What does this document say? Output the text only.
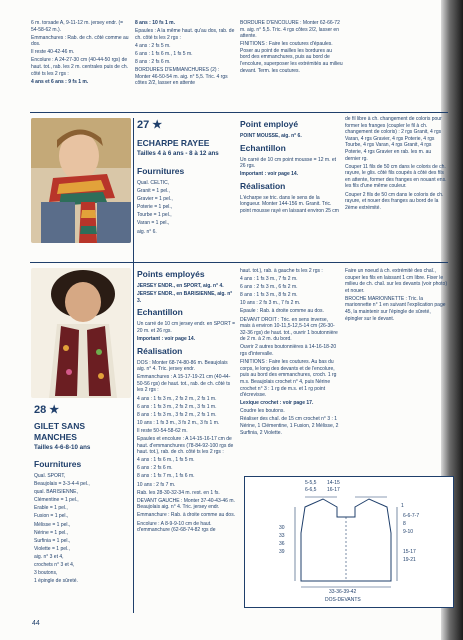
6 m. torsade A, 9-11-12 m. jersey endr. (= 54-58-62 m.).

Emmanchures : Rab. de ch. côté comme au dos.

Il reste 40-42-46 m.

Encolure : A 24-27-30 cm (40-44-50 rgs) de haut. tot., rab. les 2 m. centrales puis de ch. côté ts les 2 rgs :

4 ans et 6 ans : 9 fs 1 m.

8 ans : 10 fs 1 m.

Epaules : A la même haut. qu'au dos, rab. de ch. côté ts les 2 rgs :

4 ans : 2 fs 5 m.

6 ans : 1 fs 6 m., 1 fs 5 m.

8 ans : 2 fs 6 m.

BORDURES D'EMMANCHURES (2) : Monter 46-50-54 m. aig. n° 5,5. Tric. 4 rgs côtes 2/2, lasser en attente

BORDURE D'ENCOLURE : Monter 62-66-72 m. aig. n° 5,5. Tric. 4 rgs côtes 2/2, lasser en attente.

FINITIONS : Faire les coutures d'épaules. Poser au point de mailles les bordures au bord des emmanchures, puis au bord de l'encolure, superposer les extrémités au milieu devant. Term. les coutures.

27 ★
ECHARPE RAYEE
Tailles 4 à 6 ans - 8 à 12 ans
Fournitures

Qual. CELTIC,

Granit = 1 pel.,

Gravier = 1 pel.,

Poterie = 1 pel.,

Tourbe = 1 pel.,

Varan = 1 pel.,

aig. n° 6.

Point employé

POINT MOUSSE, aig. n° 6.

Echantillon

Un carré de 10 cm point mousse = 12 m. et 26 rgs.

Important : voir page 14.

Réalisation

L'écharpe se tric. dans le sens de la longueur. Monter 144-156 m. Granit. Tric. point mousse rayé en laissant environ 25 cm

de fil libre à ch. changement de coloris pour former les franges (coupler le fil à ch. changement de coloris) : 2 rgs Granit, 4 rgs Varan, 4 rgs Gravier, 4 rgs Poterie, 4 rgs Tourbe, 4 rgs Varan, 4 rgs Granit, 4 rgs Poterie, 4 rgs Gravier en rab. les m. au dernier rg.

Couper 11 fils de 50 cm dans le coloris de ch. rayure, le glis. côté fils coupés à côté des fils en attente, former des franges en nouant ens. les fils d'une même couleur.

Couper 2 fils de 50 cm dans le coloris de ch. rayure, et nouer des franges au bord de la 2ème extrémité.

28 ★
GILET SANS
MANCHES
Tailles 4-6-8-10 ans
Fournitures

Qual. SPORT,

Beaujolais = 3-3-4-4 pel.,

qual. BARISIENNE,

Clémentine = 1 pel.,

Erable = 1 pel.,

Fusion = 1 pel.,

Mélisse = 1 pel.,

Nérine = 1 pel.,

Surfinia = 1 pel.,

Violette = 1 pel.,

aig. n° 3 et 4,

crochets n° 3 et 4,

3 boutons,

1 épingle de sûreté.

Points employés

JERSEY ENDR., en SPORT, aig. n° 4.

JERSEY ENDR., en BARISIENNE, aig. n° 3.

Echantillon

Un carré de 10 cm jersey endr. en SPORT = 20 m. et 26 rgs.

Important : voir page 14.

Réalisation

DOS : Monter 68-74-80-86 m. Beaujolais aig. n° 4. Tric. jersey endr.

Emmanchures : A 15-17-19-21 cm (40-44-50-56 rgs) de haut. tot., rab. de ch. côté ts les 2 rgs :

4 ans : 1 fs 3 m., 2 fs 2 m., 2 fs 1 m.

6 ans : 1 fs 3 m., 2 fs 2 m., 3 fs 1 m.

8 ans : 1 fs 3 m., 3 fs 2 m., 2 fs 1 m.

10 ans : 1 fs 3 m., 3 fs 2 m., 3 fs 1 m.

Il reste 50-54-58-62 m.

Epaules et encolure : A 14-15-16-17 cm de haut. d'emmanchures (78-84-92-100 rgs de haut. tot.), rab. de ch. côté ts les 2 rgs :

4 ans : 1 fs 6 m., 1 fs 5 m.

6 ans : 2 fs 6 m.

8 ans : 1 fs 7 m., 1 fs 6 m.

10 ans : 2 fs 7 m.

Rab. les 28-30-32-34 m. rest. en 1 fs.

DEVANT GAUCHE : Monter 37-40-43-46 m. Beaujolais aig. n° 4. Tric. jersey endr.

Emmanchure : Rab. à droite comme au dos.

Encolure : A 8-9-9-10 cm de haut. d'emmanchure (62-68-74-82 rgs de

haut. tot.), rab. à gauche ts les 2 rgs :

4 ans : 1 fs 3 m., 7 fs 2 m.

6 ans : 2 fs 3 m., 6 fs 2 m.

8 ans : 1 fs 3 m., 8 fs 2 m.

10 ans : 2 fs 3 m., 7 fs 2 m.

Epaule : Rab. à droite comme au dos.

DEVANT DROIT : Tric. en sens inverse, mais à environ 10-11,5-12,5-14 cm (26-30-32-36 rgs) de haut. tot., ouvrir 1 boutonnière de 2 m. à 2 m. du bord.

Ouvrir 2 autres boutonnières à 14-16-18-20 rgs d'intervalle.

FINITIONS : Faire les coutures. Au bas du corps, le long des devants et de l'encolure, puis au bord des emmanchures, croch. 1 rg m.s. Beaujolais crochet n° 4, puis Nérine crochet n° 3 : 1 rg de m.s. et 1 rg point d'écrevisse.

Lexique crochet : voir page 17.

Coudre les boutons.

Réaliser des chaî. de 15 cm crochet n° 3 : 1 Nérine, 1 Clémentine, 1 Fusion, 2 Mélisse, 2 Surfinia, 2 Violette.

Faire un noeud à ch. extrémité des chaî., couper les fils en laissant 1 cm libre. Fixer le milieu de ch. chaî. sur les devants (voir photo) et nouer.

BROCHE MARIONNETTE : Tric. la marionnette n° 1 en suivant l'explication page 45, la maintenir sur l'épingle de sûreté, épingler sur le devant.

5-5,5
6-6,5
14-15
16-17
30
33
36
39
1
6-6-7-7
8
9-10
15-17
19-21
33-36-39-42
DOS-DEVANTS
44
